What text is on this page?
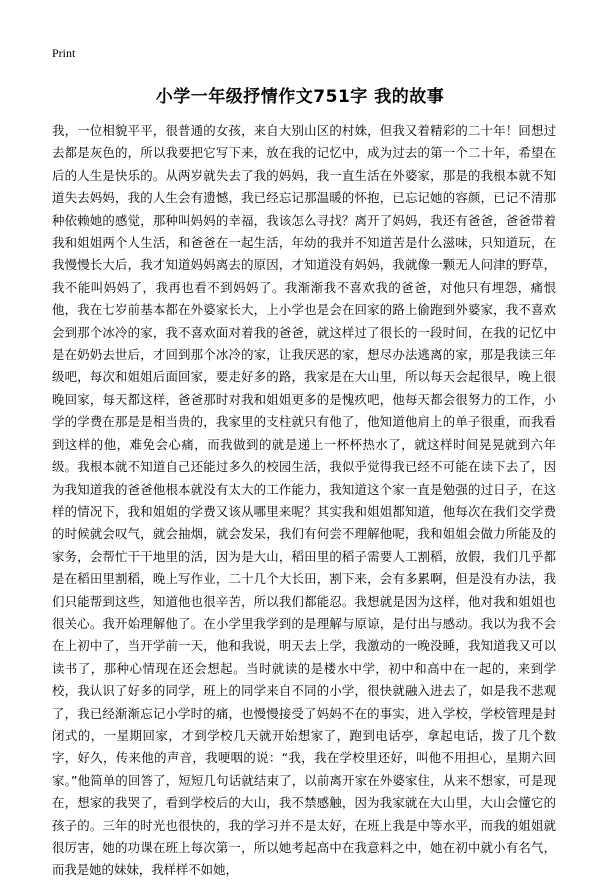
Print
小学一年级抒情作文751字 我的故事

我，一位相貌平平，很普通的女孩，来自大别山区的村姝，但我又着精彩的二十年！回想过去都是灰色的，所以我要把它写下来，放在我的记忆中，成为过去的第一个二十年，希望在后的人生是快乐的。从两岁就失去了我的妈妈，我一直生活在外婆家，那是的我根本就不知道失去妈妈，我的人生会有遗憾，我已经忘记那温暖的怀抱，已忘记她的容颜，已记不清那种依赖她的感觉，那种叫妈妈的幸福，我该怎么寻找？离开了妈妈，我还有爸爸，爸爸带着我和姐姐两个人生活，和爸爸在一起生活，年幼的我并不知道苦是什么滋味，只知道玩，在我慢慢长大后，我才知道妈妈离去的原因，才知道没有妈妈，我就像一颗无人问津的野草，我不能叫妈妈了，我再也看不到妈妈了。我渐渐我不喜欢我的爸爸，对他只有埋怨，痛恨他，我在七岁前基本都在外婆家长大，上小学也是会在回家的路上偷跑到外婆家，我不喜欢会到那个冰冷的家，我不喜欢面对着我的爸爸，就这样过了很长的一段时间，在我的记忆中是在奶奶去世后，才回到那个冰冷的家，让我厌恶的家，想尽办法逃离的家，那是我读三年级吧，每次和姐姐后面回家，要走好多的路，我家是在大山里，所以每天会起很早，晚上很晚回家，每天都这样，爸爸那时对我和姐姐更多的是愧疚吧，他每天都会很努力的工作，小学的学费在那是是相当贵的，我家里的支柱就只有他了，他知道他肩上的单子很重，而我看到这样的他，难免会心痛，而我做到的就是递上一杯杯热水了，就这样时间晃晃就到六年级。我根本就不知道自己还能过多久的校园生活，我似乎觉得我已经不可能在读下去了，因为我知道我的爸爸他根本就没有太大的工作能力，我知道这个家一直是勉强的过日子，在这样的情况下，我和姐姐的学费又该从哪里来呢？其实我和姐姐都知道，他每次在我们交学费的时候就会叹气，就会抽烟，就会发呆，我们有何尝不理解他呢，我和姐姐会做力所能及的家务，会帮忙干干地里的活，因为是大山，稻田里的稻子需要人工割稻，放假，我们几乎都是在稻田里割稻，晚上写作业，二十几个大长田，割下来，会有多累啊，但是没有办法，我们只能帮到这些，知道他也很辛苦，所以我们都能忍。我想就是因为这样，他对我和姐姐也很关心。我开始理解他了。在小学里我学到的是理解与原谅，是付出与感动。我以为我不会在上初中了，当开学前一天，他和我说，明天去上学，我激动的一晚没睡，我知道我又可以读书了，那种心情现在还会想起。当时就读的是楼水中学，初中和高中在一起的，来到学校，我认识了好多的同学，班上的同学来自不同的小学，很快就融入进去了，如是我不悲观了，我已经渐渐忘记小学时的痛，也慢慢接受了妈妈不在的事实，进入学校，学校管理是封闭式的，一星期回家，才到学校几天就开始想家了，跑到电话亭，拿起电话，拨了几个数字，好久，传来他的声音，我哽咽的说：“我，我在学校里还好，叫他不用担心，星期六回家。”他简单的回答了，短短几句话就结束了，以前离开家在外婆家住，从来不想家，可是现在，想家的我哭了，看到学校后的大山，我不禁感触，因为我家就在大山里，大山会懂它的孩子的。三年的时光也很快的，我的学习并不是太好，在班上我是中等水平，而我的姐姐就很厉害，她的功课在班上每次第一，所以她考起高中在我意料之中，她在初中就小有名气，而我是她的妹妹，我样样不如她，
